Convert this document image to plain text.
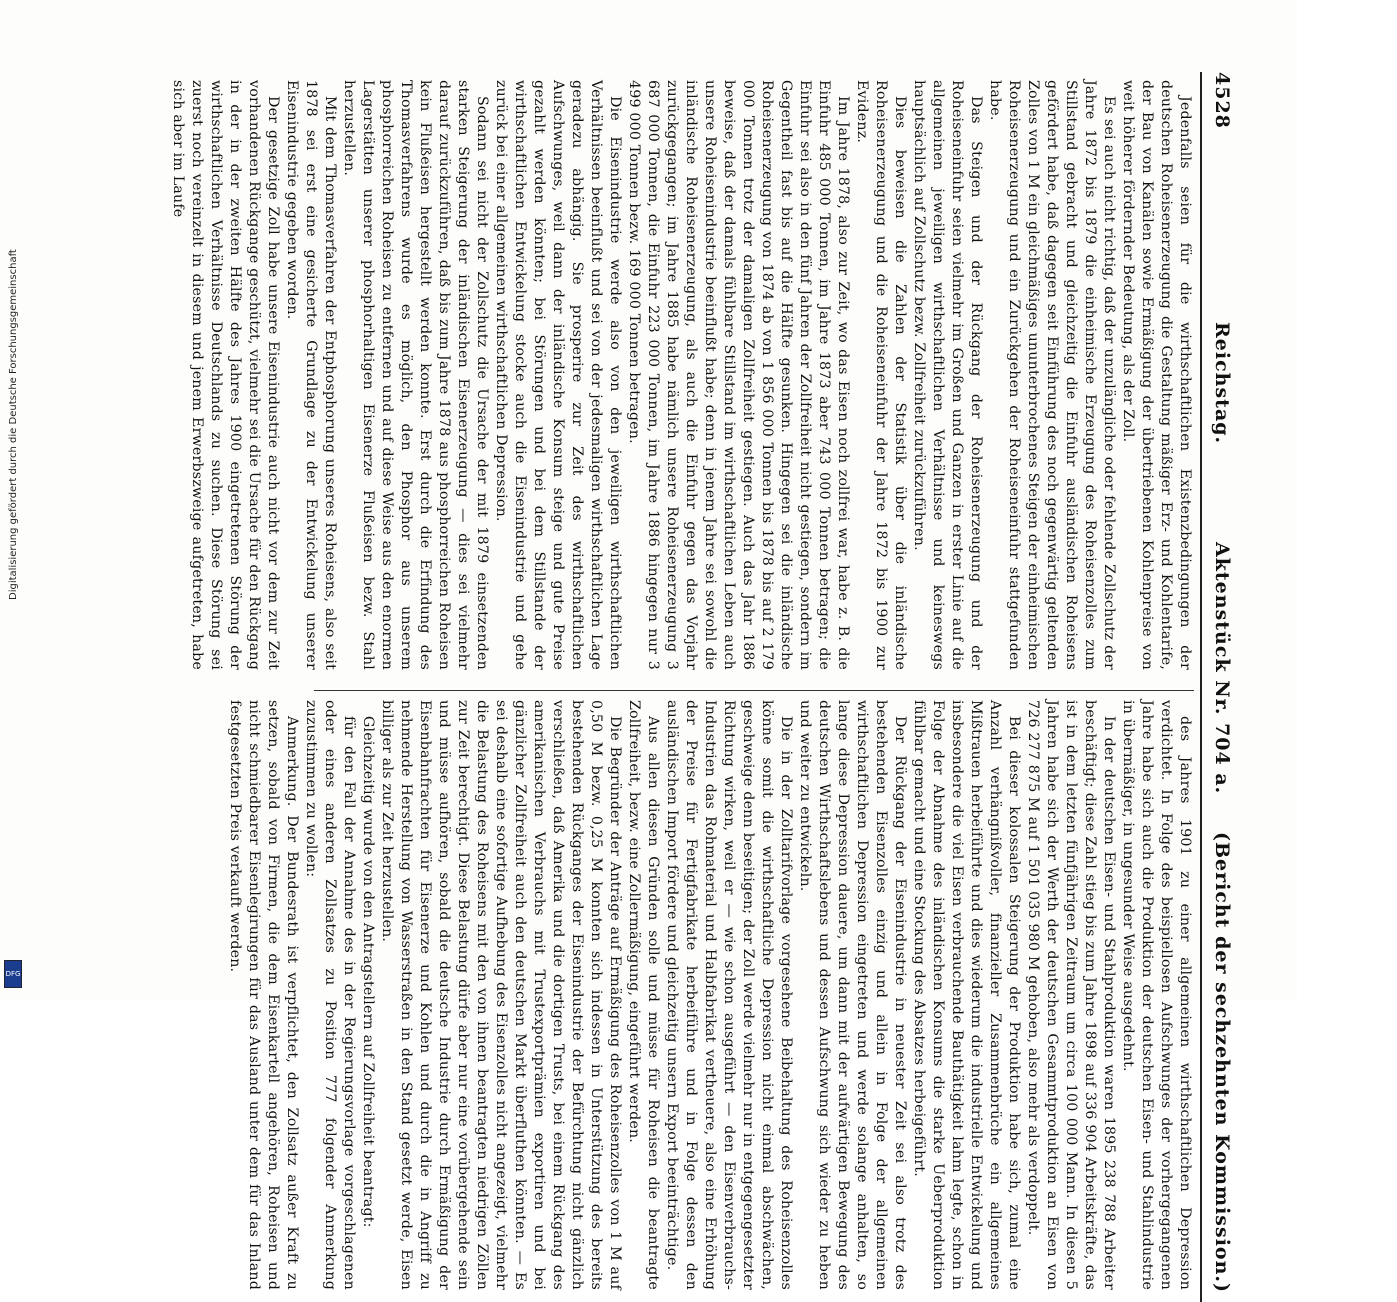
4528
Reichstag.
Aktenstück Nr. 704 a.
(Bericht der sechzehnten Kommission.)

Jedenfalls seien für die wirthschaftlichen Existenzbedingungen der deutschen Roheisenerzeugung die Gestaltung mäßiger Erz- und Kohlentarife, der Bau von Kanälen sowie Ermäßigung der übertriebenen Kohlenpreise von weit höherer fördernder Bedeutung, als der Zoll.

Es sei auch nicht richtig, daß der unzulängliche oder fehlende Zollschutz der Jahre 1872 bis 1879 die einheimische Erzeugung des Roheisenzolles zum Stillstand gebracht und gleichzeitig die Einfuhr ausländischen Roheisens gefördert habe, daß dagegen seit Einführung des noch gegenwärtig geltenden Zolles von 1 M ein gleichmäßiges ununterbrochenes Steigen der einheimischen Roheisenerzeugung und ein Zurückgehen der Roheiseneinfuhr stattgefunden habe.

Das Steigen und der Rückgang der Roheisenerzeugung und der Roheiseneinfuhr seien vielmehr im Großen und Ganzen in erster Linie auf die allgemeinen jeweiligen wirthschaftlichen Verhältnisse und keineswegs hauptsächlich auf Zollschutz bezw. Zollfreiheit zurückzuführen.

Dies beweisen die Zahlen der Statistik über die inländische Roheisenerzeugung und die Roheiseneinfuhr der Jahre 1872 bis 1900 zur Evidenz.

Im Jahre 1878, also zur Zeit, wo das Eisen noch zollfrei war, habe z. B. die Einfuhr 485 000 Tonnen, im Jahre 1873 aber 743 000 Tonnen betragen; die Einfuhr sei also in den fünf Jahren der Zollfreiheit nicht gestiegen, sondern im Gegentheil fast bis auf die Hälfte gesunken. Hingegen sei die inländische Roheisenerzeugung von 1874 ab von 1 856 000 Tonnen bis 1878 bis auf 2 179 000 Tonnen trotz der damaligen Zollfreiheit gestiegen. Auch das Jahr 1886 beweise, daß der damals fühlbare Stillstand im wirthschaftlichen Leben auch unsere Roheisenindustrie beeinflußt habe; denn in jenem Jahre sei sowohl die inländische Roheisenerzeugung, als auch die Einfuhr gegen das Vorjahr zurückgegangen; im Jahre 1885 habe nämlich unsere Roheisenerzeugung 3 687 000 Tonnen, die Einfuhr 223 000 Tonnen, im Jahre 1886 hingegen nur 3 499 000 Tonnen bezw. 169 000 Tonnen betragen.

Die Eisenindustrie werde also von den jeweiligen wirthschaftlichen Verhältnissen beeinflußt und sei von der jedesmaligen wirthschaftlichen Lage geradezu abhängig. Sie prosperire zur Zeit des wirthschaftlichen Aufschwunges, weil dann der inländische Konsum steige und gute Preise gezahlt werden könnten; bei Störungen und bei dem Stillstande der wirthschaftlichen Entwickelung stocke auch die Eisenindustrie und gehe zurück bei einer allgemeinen wirthschaftlichen Depression.

Sodann sei nicht der Zollschutz die Ursache der mit 1879 einsetzenden starken Steigerung der inländischen Eisenerzeugung — dies sei vielmehr darauf zurückzuführen, daß bis zum Jahre 1878 aus phosphorreichen Roheisen kein Flußeisen hergestellt werden konnte. Erst durch die Erfindung des Thomasverfahrens wurde es möglich, den Phosphor aus unserem phosphorreichen Roheisen zu entfernen und auf diese Weise aus den enormen Lagerstätten unserer phosphorhaltigen Eisenerze Flußeisen bezw. Stahl herzustellen.

Mit dem Thomasverfahren der Entphosphorung unseres Roheisens, also seit 1878 sei erst eine gesicherte Grundlage zu der Entwickelung unserer Eisenindustrie gegeben worden.

Der gesetzige Zoll habe unsere Eisenindustrie auch nicht vor dem zur Zeit vorhandenen Rückgange geschützt, vielmehr sei die Ursache für den Rückgang in der in der zweiten Hälfte des Jahres 1900 eingetretenen Störung der wirthschaftlichen Verhältnisse Deutschlands zu suchen. Diese Störung sei zuerst noch vereinzelt in diesem und jenem Erwerbszweige aufgetreten, habe sich aber im Laufe

des Jahres 1901 zu einer allgemeinen wirthschaftlichen Depression verdichtet. In Folge des beispiellosen Aufschwunges der vorhergegangenen Jahre habe sich auch die Produktion der deutschen Eisen- und Stahlindustrie in übermäßiger, in ungesunder Weise ausgedehnt.

In der deutschen Eisen- und Stahlproduktion waren 1895 238 788 Arbeiter beschäftigt; diese Zahl stieg bis zum Jahre 1898 auf 336 904 Arbeitskräfte, das ist in dem letzten fünfjährigen Zeitraum um circa 100 000 Mann. In diesen 5 Jahren habe sich der Werth der deutschen Gesammtproduktion an Eisen von 726 277 875 M auf 1 501 035 980 M gehoben, also mehr als verdoppelt.

Bei dieser kolossalen Steigerung der Produktion habe sich, zumal eine Anzahl verhängnißvoller, finanzieller Zusammenbrüche ein allgemeines Mißtrauen herbeiführte und dies wiederum die industrielle Entwickelung und insbesondere die viel Eisen verbrauchende Bauthätigkeit lahm legte, schon in Folge der Abnahme des inländischen Konsums die starke Ueberproduktion fühlbar gemacht und eine Stockung des Absatzes herbeigeführt.

Der Rückgang der Eisenindustrie in neuester Zeit sei also trotz des bestehenden Eisenzolles einzig und allein in Folge der allgemeinen wirthschaftlichen Depression eingetreten und werde solange anhalten, so lange diese Depression dauere, um dann mit der aufwärtigen Bewegung des deutschen Wirthschaftslebens und dessen Aufschwung sich wieder zu heben und weiter zu entwickeln.

Die in der Zolltarifvorlage vorgesehene Beibehaltung des Roheisenzolles könne somit die wirthschaftliche Depression nicht einmal abschwächen, geschweige denn beseitigen; der Zoll werde vielmehr nur in entgegengesetzter Richtung wirken, weil er — wie schon ausgeführt — den Eisenverbrauchs-Industrien das Rohmaterial und Halbfabrikat vertheuere, also eine Erhöhung der Preise für Fertigfabrikate herbeiführe und in Folge dessen den ausländischen Import fördere und gleichzeitig unsern Export beeinträchtige.

Aus allen diesen Gründen solle und müsse für Roheisen die beantragte Zollfreiheit, bezw. eine Zollermäßigung, eingeführt werden.

Die Begründer der Anträge auf Ermäßigung des Roheisenzolles von 1 M auf 0,50 M bezw. 0,25 M konnten sich indessen in Unterstützung des bereits bestehenden Rückganges der Eisenindustrie der Befürchtung nicht gänzlich verschließen, daß Amerika und die dortigen Trusts, bei einem Rückgang des amerikanischen Verbrauchs mit Trustexportprämien exportiren und bei gänzlicher Zollfreiheit auch den deutschen Markt überfluthen könnten. — Es sei deshalb eine sofortige Aufhebung des Eisenzolles nicht angezeigt, vielmehr die Belastung des Roheisens mit den von ihnen beantragten niedrigen Zöllen zur Zeit berechtigt. Diese Belastung dürfe aber nur eine vorübergehende sein und müsse aufhören, sobald die deutsche Industrie durch Ermäßigung der Eisenbahnfrachten für Eisenerze und Kohlen und durch die in Angriff zu nehmende Herstellung von Wasserstraßen in den Stand gesetzt werde, Eisen billiger als zur Zeit herzustellen.

Gleichzeitig wurde von den Antragstellern auf Zollfreiheit beantragt:

für den Fall der Annahme des in der Regierungsvorlage vorgeschlagenen oder eines anderen Zollsatzes zu Position 777 folgender Anmerkung zuzustimmen zu wollen:

Anmerkung. Der Bundesrath ist verpflichtet, den Zollsatz außer Kraft zu setzen, sobald von Firmen, die dem Eisenkartell angehören, Roheisen und nicht schmiedbarer Eisenlegirungen für das Ausland unter dem für das Inland festgesetzten Preis verkauft werden.

Digitalisierung gefördert durch die Deutsche Forschungsgemeinschaft
DFG
